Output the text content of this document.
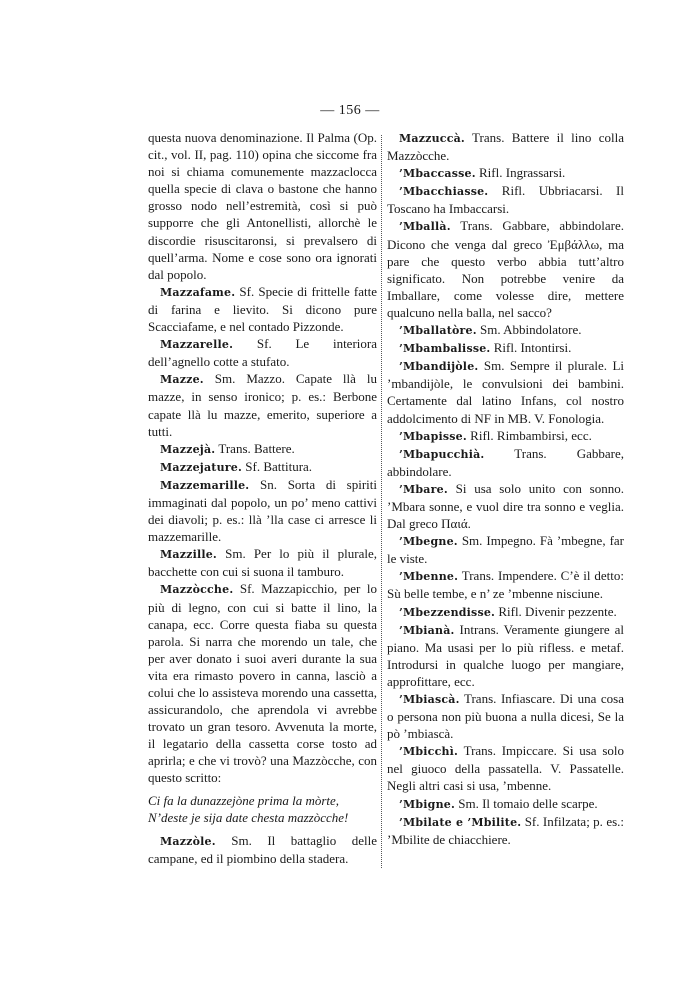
— 156 —

questa nuova denominazione. Il Palma (Op. cit., vol. II, pag. 110) opina che siccome fra noi si chiama comunemente mazzaclocca quella specie di clava o bastone che hanno grosso nodo nell’estremità, così si può supporre che gli Antonellisti, allorchè le discordie risuscitaronsi, si prevalsero di quell’arma. Nome e cose sono ora ignorati dal popolo.

Mazzafame. Sf. Specie di frittelle fatte di farina e lievito. Si dicono pure Scacciafame, e nel contado Pizzonde.

Mazzarelle. Sf. Le interiora dell’agnello cotte a stufato.

Mazze. Sm. Mazzo. Capate llà lu mazze, in senso ironico; p. es.: Berbone capate llà lu mazze, emerito, superiore a tutti.

Mazzejà. Trans. Battere.

Mazzejature. Sf. Battitura.

Mazzemarille. Sn. Sorta di spiriti immaginati dal popolo, un po’ meno cattivi dei diavoli; p. es.: llà ’lla case ci arresce li mazzemarille.

Mazzille. Sm. Per lo più il plurale, bacchette con cui si suona il tamburo.

Mazzòcche. Sf. Mazzapicchio, per lo più di legno, con cui si batte il lino, la canapa, ecc. Corre questa fiaba su questa parola. Si narra che morendo un tale, che per aver donato i suoi averi durante la sua vita era rimasto povero in canna, lasciò a colui che lo assisteva morendo una cassetta, assicurandolo, che aprendola vi avrebbe trovato un gran tesoro. Avvenuta la morte, il legatario della cassetta corse tosto ad aprirla; e che vi trovò? una Mazzòcche, con questo scritto:

Ci fa la dunazzejòne prima la mòrte,
N’deste je sija date chesta mazzòcche!

Mazzòle. Sm. Il battaglio delle campane, ed il piombino della stadera.

Mazzuccà. Trans. Battere il lino colla Mazzòcche.

’Mbaccasse. Rifl. Ingrassarsi.

’Mbacchiasse. Rifl. Ubbriacarsi. Il Toscano ha Imbaccarsi.

’Mballà. Trans. Gabbare, abbindolare. Dicono che venga dal greco Ἐμβάλλω, ma pare che questo verbo abbia tutt’altro significato. Non potrebbe venire da Imballare, come volesse dire, mettere qualcuno nella balla, nel sacco?

’Mballatòre. Sm. Abbindolatore.

’Mbambalisse. Rifl. Intontirsi.

’Mbandijòle. Sm. Sempre il plurale. Li ’mbandijòle, le convulsioni dei bambini. Certamente dal latino Infans, col nostro addolcimento di NF in MB. V. Fonologia.

’Mbapisse. Rifl. Rimbambirsi, ecc.

’Mbapucchià. Trans. Gabbare, abbindolare.

’Mbare. Si usa solo unito con sonno. ’Mbara sonne, e vuol dire tra sonno e veglia. Dal greco Παιά.

’Mbegne. Sm. Impegno. Fà ’mbegne, far le viste.

’Mbenne. Trans. Impendere. C’è il detto: Sù belle tembe, e n’ ze ’mbenne nisciune.

’Mbezzendisse. Rifl. Divenir pezzente.

’Mbianà. Intrans. Veramente giungere al piano. Ma usasi per lo più rifless. e metaf. Introdursi in qualche luogo per mangiare, approfittare, ecc.

’Mbiascà. Trans. Infiascare. Di una cosa o persona non più buona a nulla dicesi, Se la pò ’mbiascà.

’Mbicchì. Trans. Impiccare. Si usa solo nel giuoco della passatella. V. Passatelle. Negli altri casi si usa, ’mbenne.

’Mbigne. Sm. Il tomaio delle scarpe.

’Mbilate e ’Mbilite. Sf. Infilzata; p. es.: ’Mbilite de chiacchiere.
